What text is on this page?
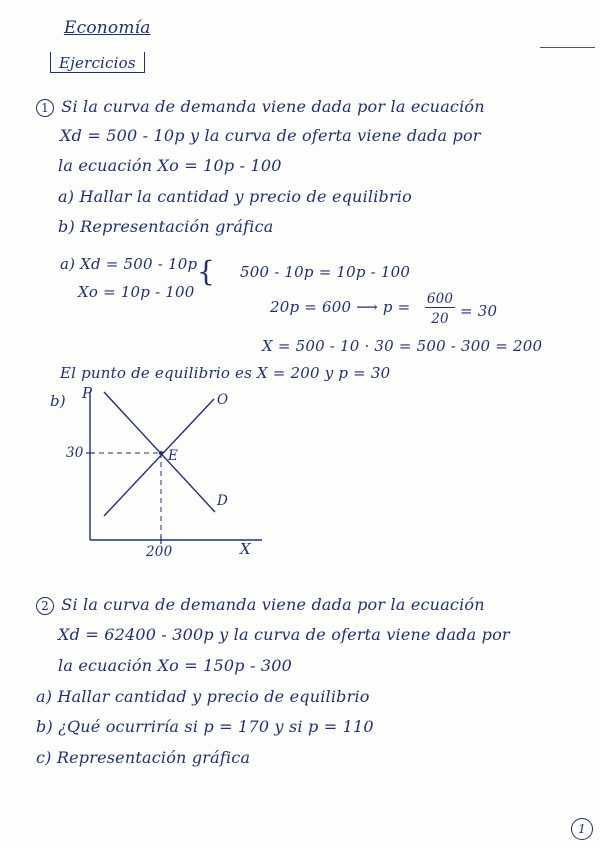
Economía
Ejercicios
1 Si la curva de demanda viene dada por la ecuación
Xd = 500 - 10p y la curva de oferta viene dada por
la ecuación Xo = 10p - 100
a) Hallar la cantidad y precio de equilibrio
b) Representación gráfica
a) Xd = 500 - 10p
Xo = 10p - 100
{ 500 - 10p = 10p - 100
20p = 600 ⟶ p = 600
20 = 30
X = 500 - 10 · 30 = 500 - 300 = 200
El punto de equilibrio es X = 200 y p = 30
b) P
30
200	X
O
D
E
2 Si la curva de demanda viene dada por la ecuación
Xd = 62400 - 300p y la curva de oferta viene dada por
la ecuación Xo = 150p - 300
a) Hallar cantidad y precio de equilibrio
b) ¿Qué ocurriría si p = 170 y si p = 110
c) Representación gráfica
1
